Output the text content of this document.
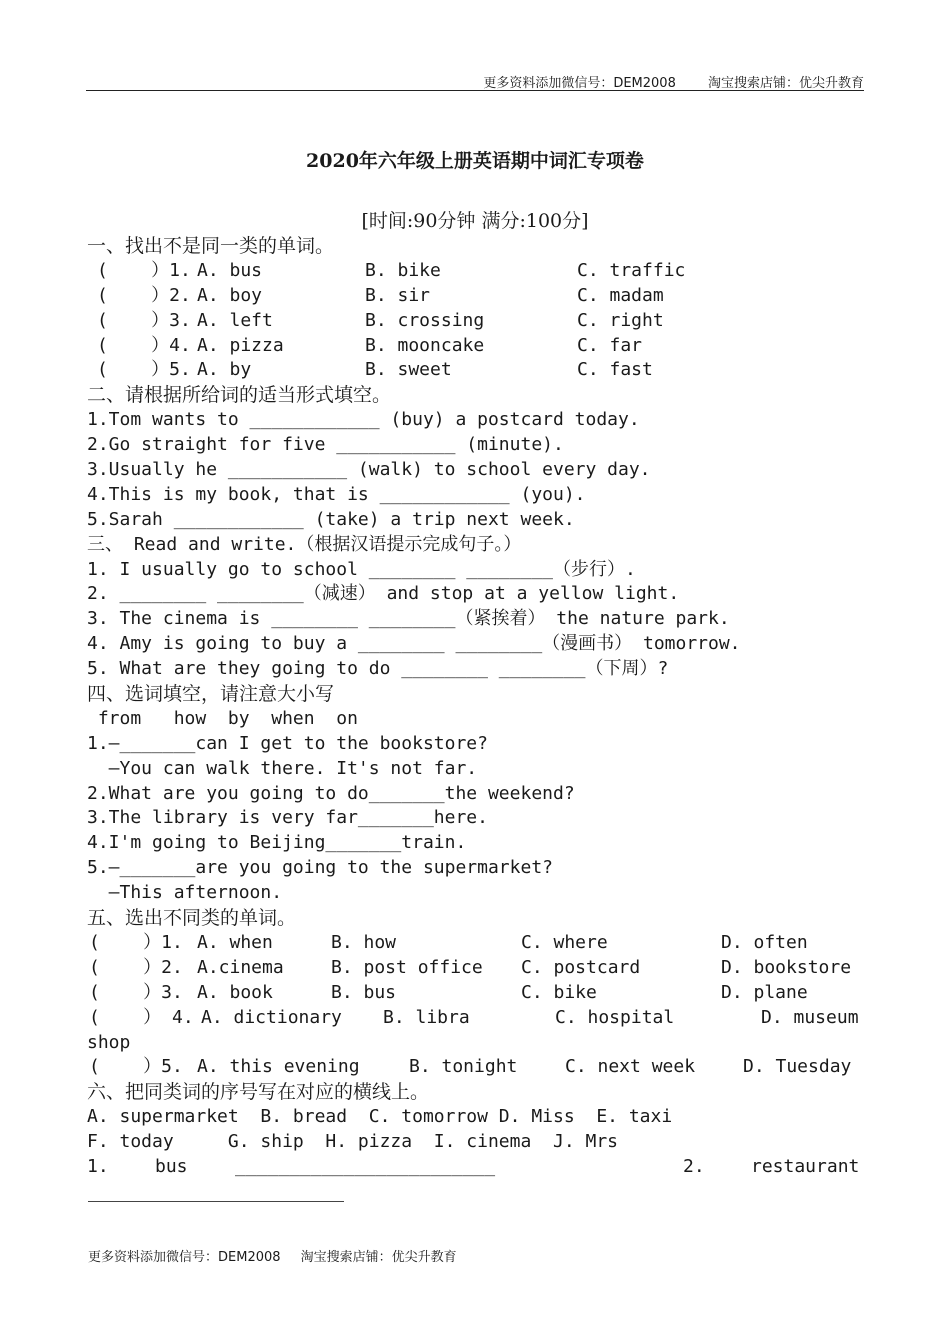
更多资料添加微信号：DEM2008 淘宝搜索店铺：优尖升教育
2020年六年级上册英语期中词汇专项卷
[时间:90分钟 满分:100分]
一、找出不是同一类的单词。
(    ）1. A. bus	B. bike	C. traffic
(    ）2. A. boy	B. sir	C. madam
(    ）3. A. left	B. crossing	C. right
(    ）4. A. pizza	B. mooncake	C. far
(    ）5. A. by	B. sweet	C. fast
二、请根据所给词的适当形式填空。
1.Tom wants to ____________ (buy) a postcard today.
2.Go straight for five ___________ (minute).
3.Usually he ___________ (walk) to school every day.
4.This is my book, that is ____________ (you).
5.Sarah ____________ (take) a trip next week.
三、 Read and write.（根据汉语提示完成句子。）
1. I usually go to school ________ ________（步行）.
2. ________ ________（减速） and stop at a yellow light.
3. The cinema is ________ ________（紧挨着） the nature park.
4. Amy is going to buy a ________ ________（漫画书） tomorrow.
5. What are they going to do ________ ________（下周）?
四、选词填空，请注意大小写
from   how  by  when  on
1.—_______can I get to the bookstore?
—You can walk there. It's not far.
2.What are you going to do_______the weekend?
3.The library is very far_______here.
4.I'm going to Beijing_______train.
5.—_______are you going to the supermarket?
—This afternoon.
五、选出不同类的单词。
(    ）1. A. when	B. how	C. where	D. often
(    ）2. A.cinema	B. post office C. postcard	D. bookstore
(    ）3. A. book	B. bus	C. bike	D. plane
(    ） 4. A. dictionary B. libra	C. hospital	D. museum
shop
(    ）5. A. this evening	B. tonight	C. next week	D. Tuesday
六、把同类词的序号写在对应的横线上。
A. supermarket  B. bread  C. tomorrow D. Miss  E. taxi
F. today     G. ship  H. pizza  I. cinema  J. Mrs

1.

	bus

	________________________

	2.

	restaurant

更多资料添加微信号：DEM2008 淘宝搜索店铺：优尖升教育
